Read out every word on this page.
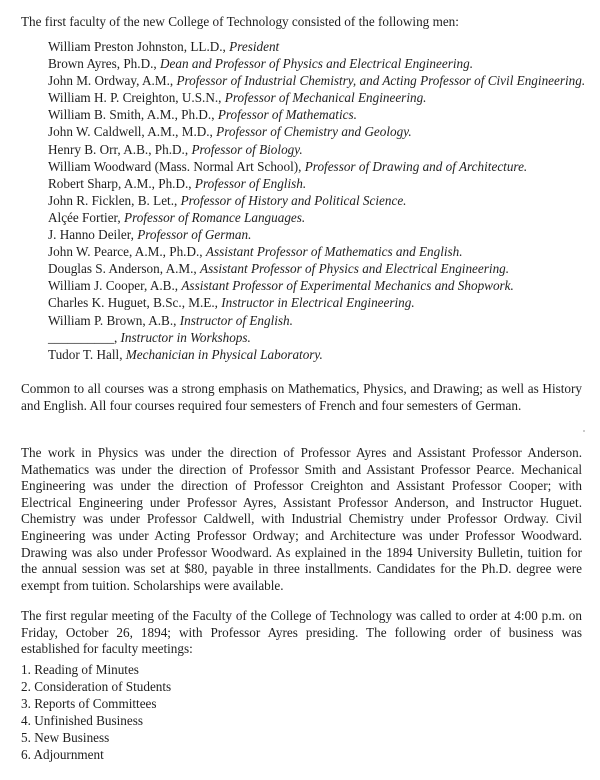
The first faculty of the new College of Technology consisted of the following men:
William Preston Johnston, LL.D., President
Brown Ayres, Ph.D., Dean and Professor of Physics and Electrical Engineering.
John M. Ordway, A.M., Professor of Industrial Chemistry, and Acting Professor of Civil Engineering.
William H. P. Creighton, U.S.N., Professor of Mechanical Engineering.
William B. Smith, A.M., Ph.D., Professor of Mathematics.
John W. Caldwell, A.M., M.D., Professor of Chemistry and Geology.
Henry B. Orr, A.B., Ph.D., Professor of Biology.
William Woodward (Mass. Normal Art School), Professor of Drawing and of Architecture.
Robert Sharp, A.M., Ph.D., Professor of English.
John R. Ficklen, B. Let., Professor of History and Political Science.
Alçée Fortier, Professor of Romance Languages.
J. Hanno Deiler, Professor of German.
John W. Pearce, A.M., Ph.D., Assistant Professor of Mathematics and English.
Douglas S. Anderson, A.M., Assistant Professor of Physics and Electrical Engineering.
William J. Cooper, A.B., Assistant Professor of Experimental Mechanics and Shopwork.
Charles K. Huguet, B.Sc., M.E., Instructor in Electrical Engineering.
William P. Brown, A.B., Instructor of English.
__________, Instructor in Workshops.
Tudor T. Hall, Mechanician in Physical Laboratory.
Common to all courses was a strong emphasis on Mathematics, Physics, and Drawing; as well as History and English. All four courses required four semesters of French and four semesters of German.
The work in Physics was under the direction of Professor Ayres and Assistant Professor Anderson. Mathematics was under the direction of Professor Smith and Assistant Professor Pearce. Mechanical Engineering was under the direction of Professor Creighton and Assistant Professor Cooper; with Electrical Engineering under Professor Ayres, Assistant Professor Anderson, and Instructor Huguet. Chemistry was under Professor Caldwell, with Industrial Chemistry under Professor Ordway. Civil Engineering was under Acting Professor Ordway; and Architecture was under Professor Woodward. Drawing was also under Professor Woodward. As explained in the 1894 University Bulletin, tuition for the annual session was set at $80, payable in three installments. Candidates for the Ph.D. degree were exempt from tuition. Scholarships were available.
The first regular meeting of the Faculty of the College of Technology was called to order at 4:00 p.m. on Friday, October 26, 1894; with Professor Ayres presiding. The following order of business was established for faculty meetings:
1. Reading of Minutes
2. Consideration of Students
3. Reports of Committees
4. Unfinished Business
5. New Business
6. Adjournment
